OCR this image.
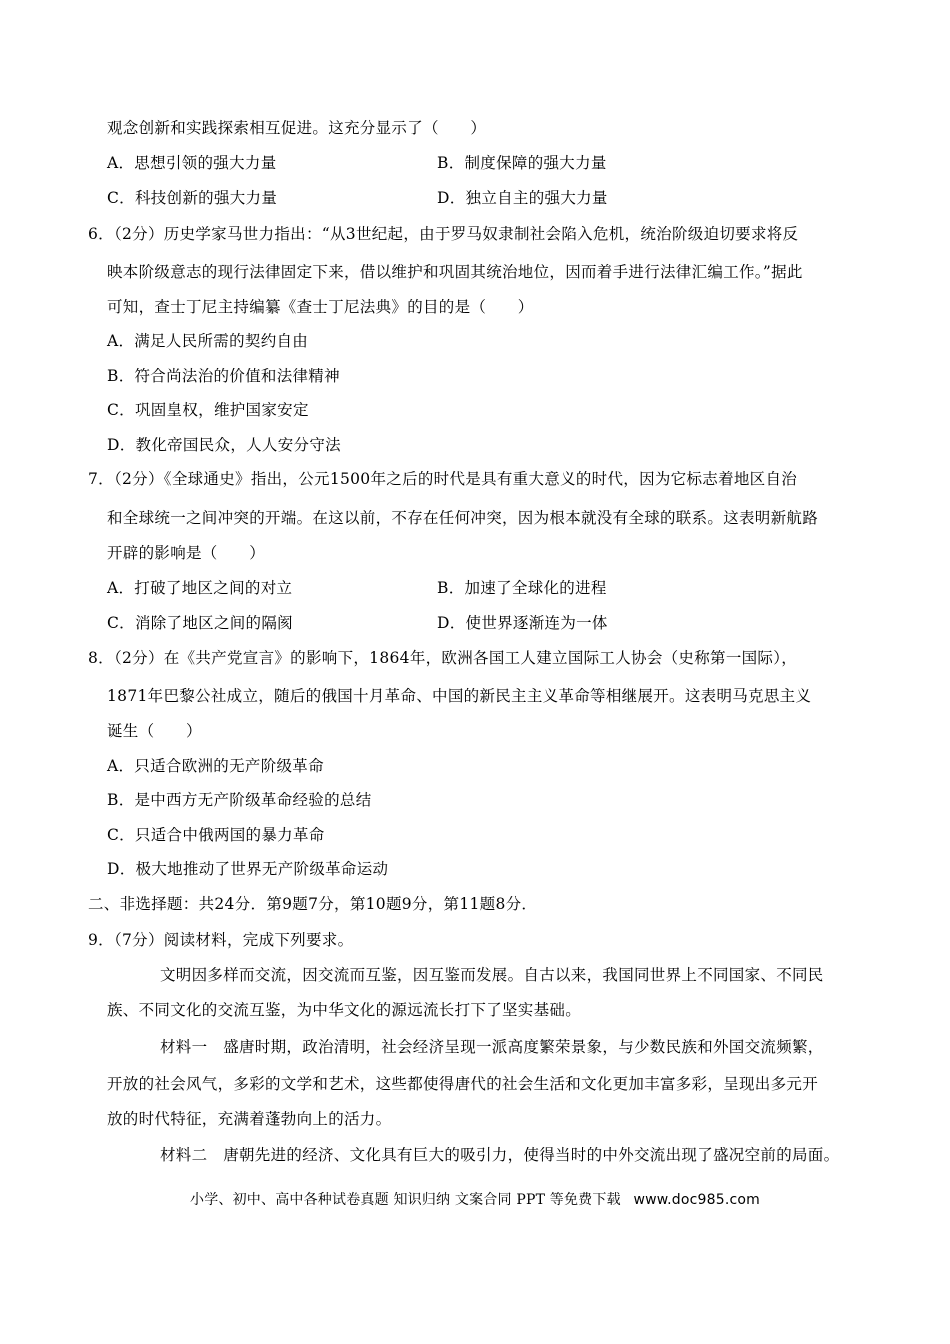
观念创新和实践探索相互促进。这充分显示了（　　）
A．思想引领的强大力量	B．制度保障的强大力量
C．科技创新的强大力量	D．独立自主的强大力量
6．（2分）历史学家马世力指出：“从3世纪起，由于罗马奴隶制社会陷入危机，统治阶级迫切要求将反
映本阶级意志的现行法律固定下来，借以维护和巩固其统治地位，因而着手进行法律汇编工作。”据此
可知，查士丁尼主持编纂《查士丁尼法典》的目的是（　　）
A．满足人民所需的契约自由
B．符合尚法治的价值和法律精神
C．巩固皇权，维护国家安定
D．教化帝国民众，人人安分守法
7．（2分）《全球通史》指出，公元1500年之后的时代是具有重大意义的时代，因为它标志着地区自治
和全球统一之间冲突的开端。在这以前，不存在任何冲突，因为根本就没有全球的联系。这表明新航路
开辟的影响是（　　）
A．打破了地区之间的对立	B．加速了全球化的进程
C．消除了地区之间的隔阂	D．使世界逐渐连为一体
8．（2分）在《共产党宣言》的影响下，1864年，欧洲各国工人建立国际工人协会（史称第一国际），
1871年巴黎公社成立，随后的俄国十月革命、中国的新民主主义革命等相继展开。这表明马克思主义
诞生（　　）
A．只适合欧洲的无产阶级革命
B．是中西方无产阶级革命经验的总结
C．只适合中俄两国的暴力革命
D．极大地推动了世界无产阶级革命运动
二、非选择题：共24分．第9题7分，第10题9分，第11题8分．
9．（7分）阅读材料，完成下列要求。
文明因多样而交流，因交流而互鉴，因互鉴而发展。自古以来，我国同世界上不同国家、不同民
族、不同文化的交流互鉴，为中华文化的源远流长打下了坚实基础。
材料一　盛唐时期，政治清明，社会经济呈现一派高度繁荣景象，与少数民族和外国交流频繁，
开放的社会风气，多彩的文学和艺术，这些都使得唐代的社会生活和文化更加丰富多彩，呈现出多元开
放的时代特征，充满着蓬勃向上的活力。
材料二　唐朝先进的经济、文化具有巨大的吸引力，使得当时的中外交流出现了盛况空前的局面。
小学、初中、高中各种试卷真题 知识归纳 文案合同 PPT 等免费下载 www.doc985.com
